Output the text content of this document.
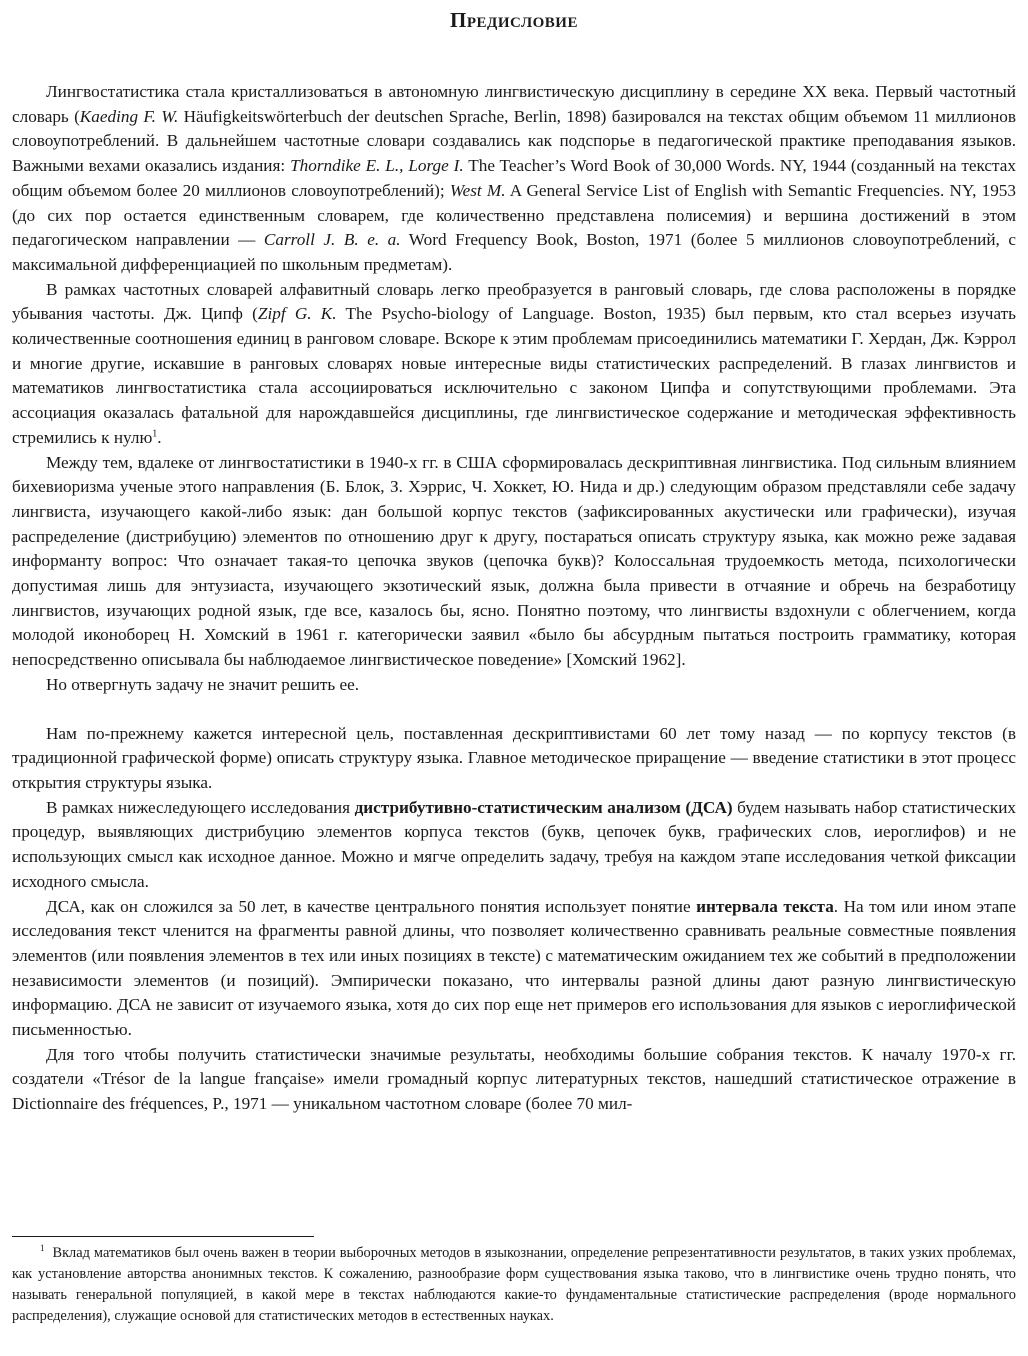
Предисловие

Лингвостатистика стала кристаллизоваться в автономную лингвистическую дисциплину в середине XX века. Первый частотный словарь (Kaeding F. W. Häufigkeitswörterbuch der deutschen Sprache, Berlin, 1898) базировался на текстах общим объемом 11 миллионов словоупотреблений. В дальнейшем частотные словари создавались как подспорье в педагогической практике преподавания языков. Важными вехами оказались издания: Thorndike E. L., Lorge I. The Teacher’s Word Book of 30,000 Words. NY, 1944 (созданный на текстах общим объемом более 20 миллионов словоупотреблений); West M. A General Service List of English with Semantic Frequencies. NY, 1953 (до сих пор остается единственным словарем, где количественно представлена полисемия) и вершина достижений в этом педагогическом направлении — Carroll J. B. e. a. Word Frequency Book, Boston, 1971 (более 5 миллионов словоупотреблений, с максимальной дифференциацией по школьным предметам).

В рамках частотных словарей алфавитный словарь легко преобразуется в ранговый словарь, где слова расположены в порядке убывания частоты. Дж. Ципф (Zipf G. K. The Psycho-biology of Language. Boston, 1935) был первым, кто стал всерьез изучать количественные соотношения единиц в ранговом словаре. Вскоре к этим проблемам присоединились математики Г. Хердан, Дж. Кэррол и многие другие, искавшие в ранговых словарях новые интересные виды статистических распределений. В глазах лингвистов и математиков лингвостатистика стала ассоциироваться исключительно с законом Ципфа и сопутствующими проблемами. Эта ассоциация оказалась фатальной для нарождавшейся дисциплины, где лингвистическое содержание и методическая эффективность стремились к нулю$^1$.

Между тем, вдалеке от лингвостатистики в 1940-х гг. в США сформировалась дескриптивная лингвистика. Под сильным влиянием бихевиоризма ученые этого направления (Б. Блок, З. Хэррис, Ч. Хоккет, Ю. Нида и др.) следующим образом представляли себе задачу лингвиста, изучающего какой-либо язык: дан большой корпус текстов (зафиксированных акустически или графически), изучая распределение (дистрибуцию) элементов по отношению друг к другу, постараться описать структуру языка, как можно реже задавая информанту вопрос: Что означает такая-то цепочка звуков (цепочка букв)? Колоссальная трудоемкость метода, психологически допустимая лишь для энтузиаста, изучающего экзотический язык, должна была привести в отчаяние и обречь на безработицу лингвистов, изучающих родной язык, где все, казалось бы, ясно. Понятно поэтому, что лингвисты вздохнули с облегчением, когда молодой иконоборец Н. Хомский в 1961 г. категорически заявил «было бы абсурдным пытаться построить грамматику, которая непосредственно описывала бы наблюдаемое лингвистическое поведение» [Хомский 1962].

Но отвергнуть задачу не значит решить ее.

Нам по-прежнему кажется интересной цель, поставленная дескриптивистами 60 лет тому назад — по корпусу текстов (в традиционной графической форме) описать структуру языка. Главное методическое приращение — введение статистики в этот процесс открытия структуры языка.

В рамках нижеследующего исследования дистрибутивно-статистическим анализом (ДСА) будем называть набор статистических процедур, выявляющих дистрибуцию элементов корпуса текстов (букв, цепочек букв, графических слов, иероглифов) и не использующих смысл как исходное данное. Можно и мягче определить задачу, требуя на каждом этапе исследования четкой фиксации исходного смысла.

ДСА, как он сложился за 50 лет, в качестве центрального понятия использует понятие интервала текста. На том или ином этапе исследования текст членится на фрагменты равной длины, что позволяет количественно сравнивать реальные совместные появления элементов (или появления элементов в тех или иных позициях в тексте) с математическим ожиданием тех же событий в предположении независимости элементов (и позиций). Эмпирически показано, что интервалы разной длины дают разную лингвистическую информацию. ДСА не зависит от изучаемого языка, хотя до сих пор еще нет примеров его использования для языков с иероглифической письменностью.

Для того чтобы получить статистически значимые результаты, необходимы большие собрания текстов. К началу 1970-х гг. создатели «Trésor de la langue française» имели громадный корпус литературных текстов, нашедший статистическое отражение в Dictionnaire des fréquences, P., 1971 — уникальном частотном словаре (более 70 мил-

$^1$ Вклад математиков был очень важен в теории выборочных методов в языкознании, определение репрезентативности результатов, в таких узких проблемах, как установление авторства анонимных текстов. К сожалению, разнообразие форм существования языка таково, что в лингвистике очень трудно понять, что называть генеральной популяцией, в какой мере в текстах наблюдаются какие-то фундаментальные статистические распределения (вроде нормального распределения), служащие основой для статистических методов в естественных науках.
